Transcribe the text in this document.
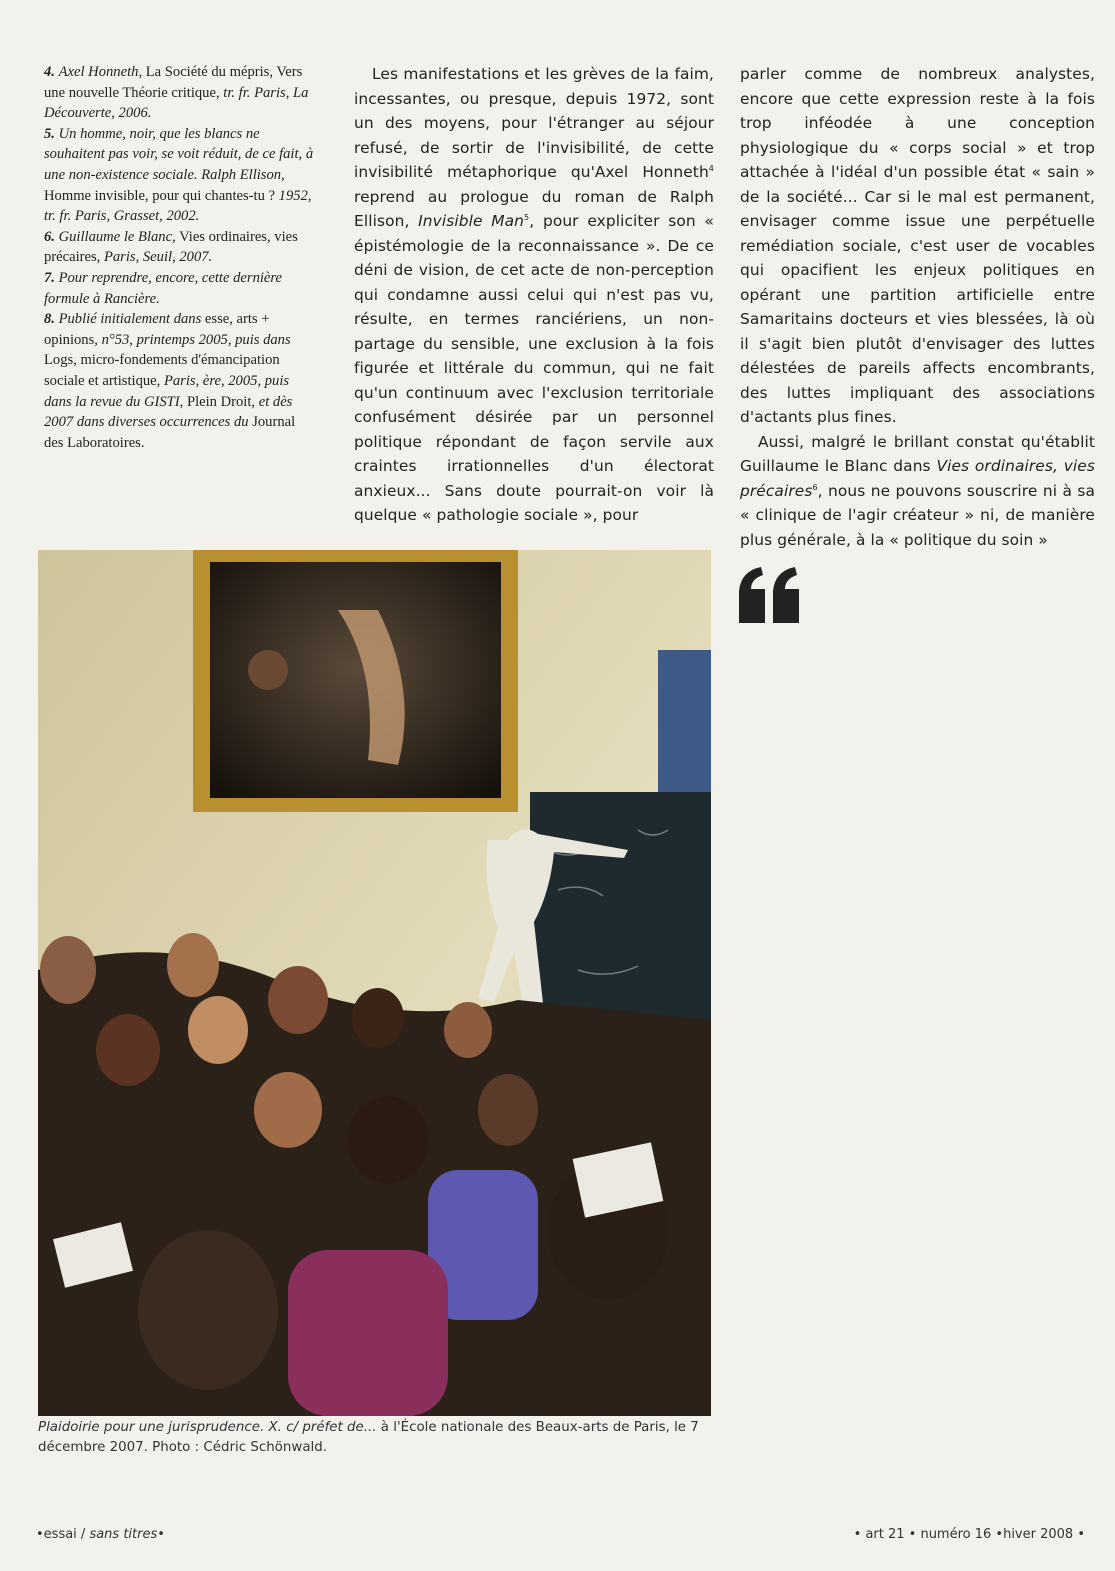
4. Axel Honneth, La Société du mépris, Vers une nouvelle Théorie critique, tr. fr. Paris, La Découverte, 2006.

5. Un homme, noir, que les blancs ne souhaitent pas voir, se voit réduit, de ce fait, à une non-existence sociale. Ralph Ellison, Homme invisible, pour qui chantes-tu ? 1952, tr. fr. Paris, Grasset, 2002.

6. Guillaume le Blanc, Vies ordinaires, vies précaires, Paris, Seuil, 2007.

7. Pour reprendre, encore, cette dernière formule à Rancière.

8. Publié initialement dans esse, arts + opinions, n°53, printemps 2005, puis dans Logs, micro-fondements d'émancipation sociale et artistique, Paris, ère, 2005, puis dans la revue du GISTI, Plein Droit, et dès 2007 dans diverses occurrences du Journal des Laboratoires.

Les manifestations et les grèves de la faim, incessantes, ou presque, depuis 1972, sont un des moyens, pour l'étranger au séjour refusé, de sortir de l'invisibilité, de cette invisibilité métaphorique qu'Axel Honneth$^4$ reprend au prologue du roman de Ralph Ellison, Invisible Man$^5$, pour expliciter son « épistémologie de la reconnaissance ». De ce déni de vision, de cet acte de non-perception qui condamne aussi celui qui n'est pas vu, résulte, en termes ranciériens, un non-partage du sensible, une exclusion à la fois figurée et littérale du commun, qui ne fait qu'un continuum avec l'exclusion territoriale confusément désirée par un personnel politique répondant de façon servile aux craintes irrationnelles d'un électorat anxieux... Sans doute pourrait-on voir là quelque « pathologie sociale », pour

parler comme de nombreux analystes, encore que cette expression reste à la fois trop inféodée à une conception physiologique du « corps social » et trop attachée à l'idéal d'un possible état « sain » de la société... Car si le mal est permanent, envisager comme issue une perpétuelle remédiation sociale, c'est user de vocables qui opacifient les enjeux politiques en opérant une partition artificielle entre Samaritains docteurs et vies blessées, là où il s'agit bien plutôt d'envisager des luttes délestées de pareils affects encombrants, des luttes impliquant des associations d'actants plus fines.

Aussi, malgré le brillant constat qu'établit Guillaume le Blanc dans Vies ordinaires, vies précaires$^6$, nous ne pouvons souscrire ni à sa « clinique de l'agir créateur » ni, de manière plus générale, à la « politique du soin »

Plaidoirie pour une jurisprudence. X. c/ préfet de... à l'École nationale des Beaux-arts de Paris, le 7 décembre 2007. Photo : Cédric Schönwald.
•essai / sans titres•	• art 21 • numéro 16 •hiver 2008 •
